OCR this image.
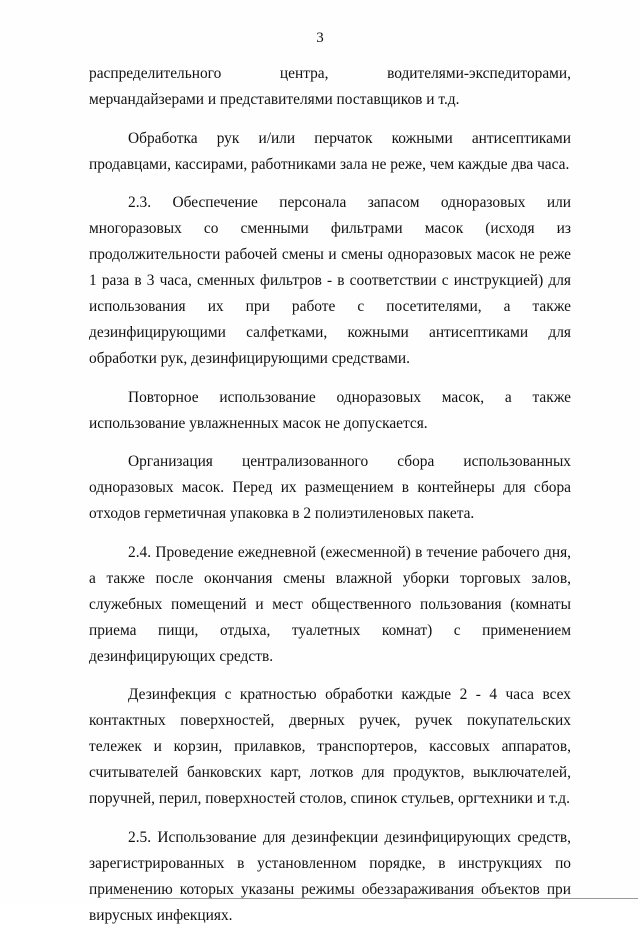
3

распределительного центра, водителями-экспедиторами, мерчандайзерами и представителями поставщиков и т.д.

Обработка рук и/или перчаток кожными антисептиками продавцами, кассирами, работниками зала не реже, чем каждые два часа.

2.3. Обеспечение персонала запасом одноразовых или многоразовых со сменными фильтрами масок (исходя из продолжительности рабочей смены и смены одноразовых масок не реже 1 раза в 3 часа, сменных фильтров - в соответствии с инструкцией) для использования их при работе с посетителями, а также дезинфицирующими салфетками, кожными антисептиками для обработки рук, дезинфицирующими средствами.

Повторное использование одноразовых масок, а также использование увлажненных масок не допускается.

Организация централизованного сбора использованных одноразовых масок. Перед их размещением в контейнеры для сбора отходов герметичная упаковка в 2 полиэтиленовых пакета.

2.4. Проведение ежедневной (ежесменной) в течение рабочего дня, а также после окончания смены влажной уборки торговых залов, служебных помещений и мест общественного пользования (комнаты приема пищи, отдыха, туалетных комнат) с применением дезинфицирующих средств.

Дезинфекция с кратностью обработки каждые 2 - 4 часа всех контактных поверхностей, дверных ручек, ручек покупательских тележек и корзин, прилавков, транспортеров, кассовых аппаратов, считывателей банковских карт, лотков для продуктов, выключателей, поручней, перил, поверхностей столов, спинок стульев, оргтехники и т.д.

2.5. Использование для дезинфекции дезинфицирующих средств, зарегистрированных в установленном порядке, в инструкциях по применению которых указаны режимы обеззараживания объектов при вирусных инфекциях.
